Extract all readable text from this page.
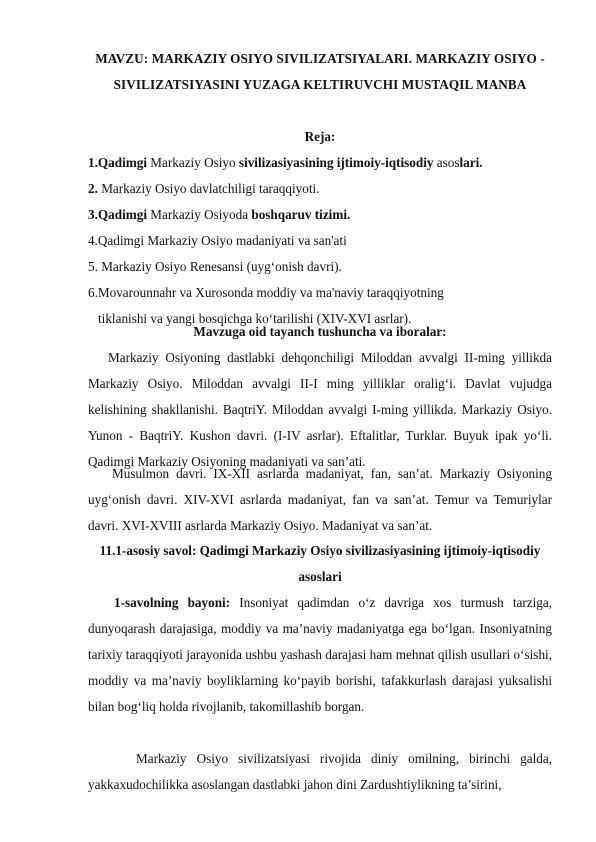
MAVZU: MARKAZIY OSIYO SIVILIZATSIYALARI. MARKAZIY OSIYO - SIVILIZATSIYASINI YUZAGA KELTIRUVCHI MUSTAQIL MANBA
Reja:
1.Qadimgi Markaziy Osiyo sivilizasiyasining ijtimoiy-iqtisodiy asoslari.
2. Markaziy Osiyo davlatchiligi taraqqiyoti.
3.Qadimgi Markaziy Osiyoda boshqaruv tizimi.
4.Qadimgi Markaziy Osiyo madaniyati va san'ati
5. Markaziy Osiyo Renesansi (uyg‘onish davri).
6.Movarounnahr va Xurosonda moddiy va ma'naviy taraqqiyotning
tiklanishi va yangi bosqichga ko‘tarilishi (XIV-XVI asrlar).
Mavzuga oid tayanch tushuncha va iboralar:
Markaziy Osiyoning dastlabki dehqonchiligi Miloddan avvalgi II-ming yillikda Markaziy Osiyo. Miloddan avvalgi II-I ming yilliklar oralig‘i. Davlat vujudga kelishining shakllanishi. BaqtriY. Miloddan avvalgi I-ming yillikda. Markaziy Osiyo. Yunon - BaqtriY. Kushon davri. (I-IV asrlar). Eftalitlar, Turklar. Buyuk ipak yo‘li. Qadimgi Markaziy Osiyoning madaniyati va san’ati.
Musulmon davri. IX-XII asrlarda madaniyat, fan, san’at. Markaziy Osiyoning uyg‘onish davri. XIV-XVI asrlarda madaniyat, fan va san’at. Temur va Temuriylar davri. XVI-XVIII asrlarda Markaziy Osiyo. Madaniyat va san’at.
11.1-asosiy savol: Qadimgi Markaziy Osiyo sivilizasiyasining ijtimoiy-iqtisodiy asoslari
1-savolning bayoni: Insoniyat qadimdan o‘z davriga xos turmush tarziga, dunyoqarash darajasiga, moddiy va ma’naviy madaniyatga ega bo‘lgan. Insoniyatning tarixiy taraqqiyoti jarayonida ushbu yashash darajasi ham mehnat qilish usullari o‘sishi, moddiy va ma’naviy boyliklarning ko‘payib borishi, tafakkurlash darajasi yuksalishi bilan bog‘liq holda rivojlanib, takomillashib borgan.
Markaziy Osiyo sivilizatsiyasi rivojida diniy omilning, birinchi galda, yakkaxudochilikka asoslangan dastlabki jahon dini Zardushtiylikning ta’sirini,
